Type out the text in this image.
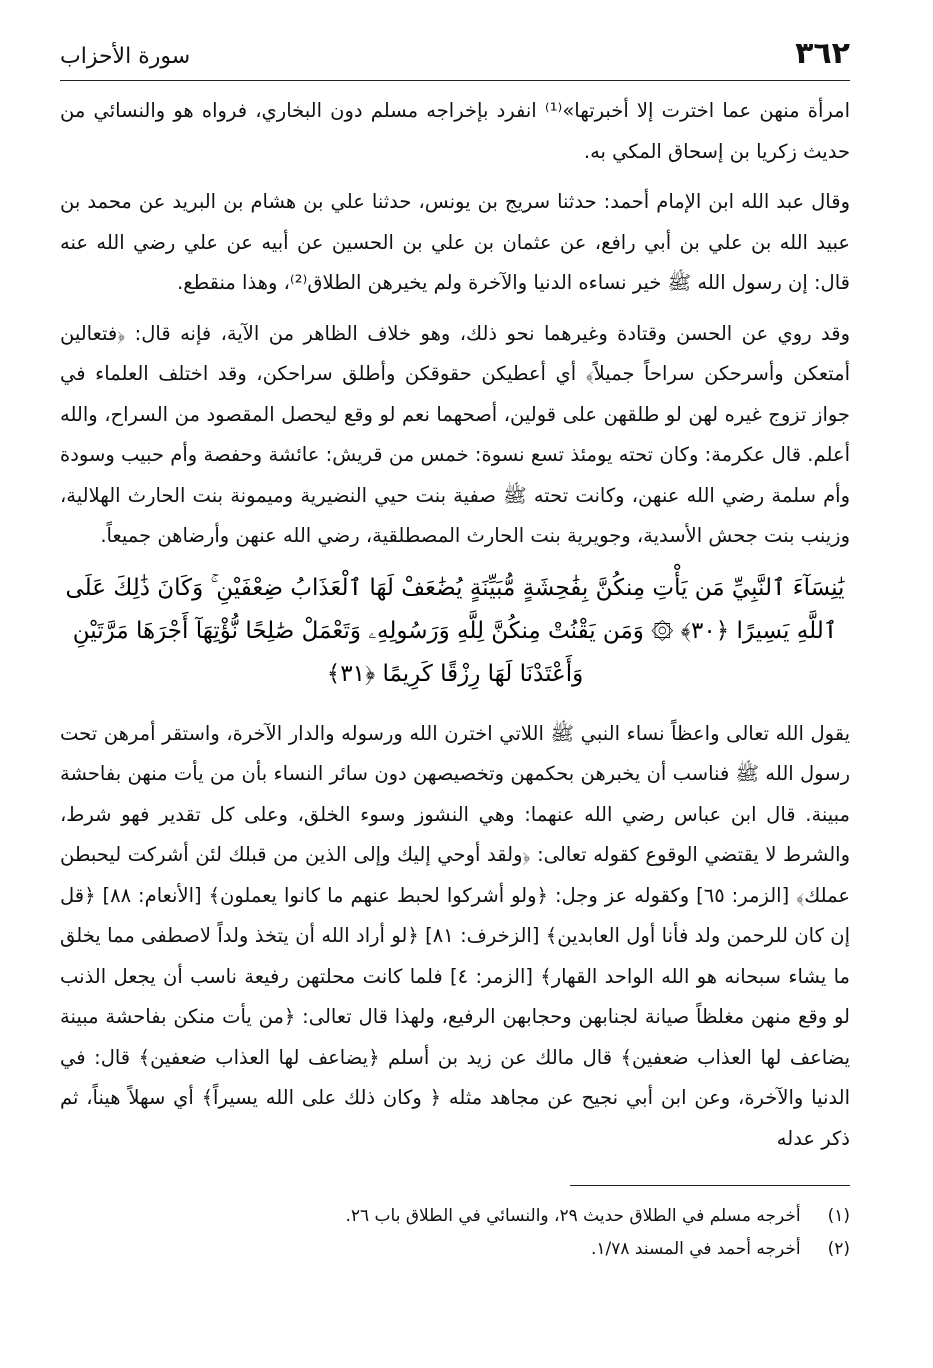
٣٦٢
سورة الأحزاب

امرأة منهن عما اخترت إلا أخبرتها»⁽¹⁾ انفرد بإخراجه مسلم دون البخاري، فرواه هو والنسائي من حديث زكريا بن إسحاق المكي به.

وقال عبد الله ابن الإمام أحمد: حدثنا سريج بن يونس، حدثنا علي بن هشام بن البريد عن محمد بن عبيد الله بن علي بن أبي رافع، عن عثمان بن علي بن الحسين عن أبيه عن علي رضي الله عنه قال: إن رسول الله ﷺ خير نساءه الدنيا والآخرة ولم يخيرهن الطلاق⁽²⁾، وهذا منقطع.

وقد روي عن الحسن وقتادة وغيرهما نحو ذلك، وهو خلاف الظاهر من الآية، فإنه قال: ﴿فتعالين أمتعكن وأسرحكن سراحاً جميلاً﴾ أي أعطيكن حقوقكن وأطلق سراحكن، وقد اختلف العلماء في جواز تزوج غيره لهن لو طلقهن على قولين، أصحهما نعم لو وقع ليحصل المقصود من السراح، والله أعلم. قال عكرمة: وكان تحته يومئذ تسع نسوة: خمس من قريش: عائشة وحفصة وأم حبيب وسودة وأم سلمة رضي الله عنهن، وكانت تحته ﷺ صفية بنت حيي النضيرية وميمونة بنت الحارث الهلالية، وزينب بنت جحش الأسدية، وجويرية بنت الحارث المصطلقية، رضي الله عنهن وأرضاهن جميعاً.

يَٰنِسَآءَ ٱلنَّبِيِّ مَن يَأْتِ مِنكُنَّ بِفَٰحِشَةٍ مُّبَيِّنَةٍ يُضَٰعَفْ لَهَا ٱلْعَذَابُ ضِعْفَيْنِ ۚ وَكَانَ ذَٰلِكَ عَلَى ٱللَّهِ يَسِيرًا ﴿٣٠﴾ ۞ وَمَن يَقْنُتْ مِنكُنَّ لِلَّهِ وَرَسُولِهِۦ وَتَعْمَلْ صَٰلِحًا نُّؤْتِهَآ أَجْرَهَا مَرَّتَيْنِ وَأَعْتَدْنَا لَهَا رِزْقًا كَرِيمًا ﴿٣١﴾

يقول الله تعالى واعظاً نساء النبي ﷺ اللاتي اخترن الله ورسوله والدار الآخرة، واستقر أمرهن تحت رسول الله ﷺ فناسب أن يخبرهن بحكمهن وتخصيصهن دون سائر النساء بأن من يأت منهن بفاحشة مبينة. قال ابن عباس رضي الله عنهما: وهي النشوز وسوء الخلق، وعلى كل تقدير فهو شرط، والشرط لا يقتضي الوقوع كقوله تعالى: ﴿ولقد أوحي إليك وإلى الذين من قبلك لئن أشركت ليحبطن عملك﴾ [الزمر: ٦٥] وكقوله عز وجل: ﴿ولو أشركوا لحبط عنهم ما كانوا يعملون﴾ [الأنعام: ٨٨] ﴿قل إن كان للرحمن ولد فأنا أول العابدين﴾ [الزخرف: ٨١] ﴿لو أراد الله أن يتخذ ولداً لاصطفى مما يخلق ما يشاء سبحانه هو الله الواحد القهار﴾ [الزمر: ٤] فلما كانت محلتهن رفيعة ناسب أن يجعل الذنب لو وقع منهن مغلظاً صيانة لجنابهن وحجابهن الرفيع، ولهذا قال تعالى: ﴿من يأت منكن بفاحشة مبينة يضاعف لها العذاب ضعفين﴾ قال مالك عن زيد بن أسلم ﴿يضاعف لها العذاب ضعفين﴾ قال: في الدنيا والآخرة، وعن ابن أبي نجيح عن مجاهد مثله ﴿ وكان ذلك على الله يسيراً﴾ أي سهلاً هيناً، ثم ذكر عدله

(١) أخرجه مسلم في الطلاق حديث ٢٩، والنسائي في الطلاق باب ٢٦.
(٢) أخرجه أحمد في المسند ١/٧٨.
